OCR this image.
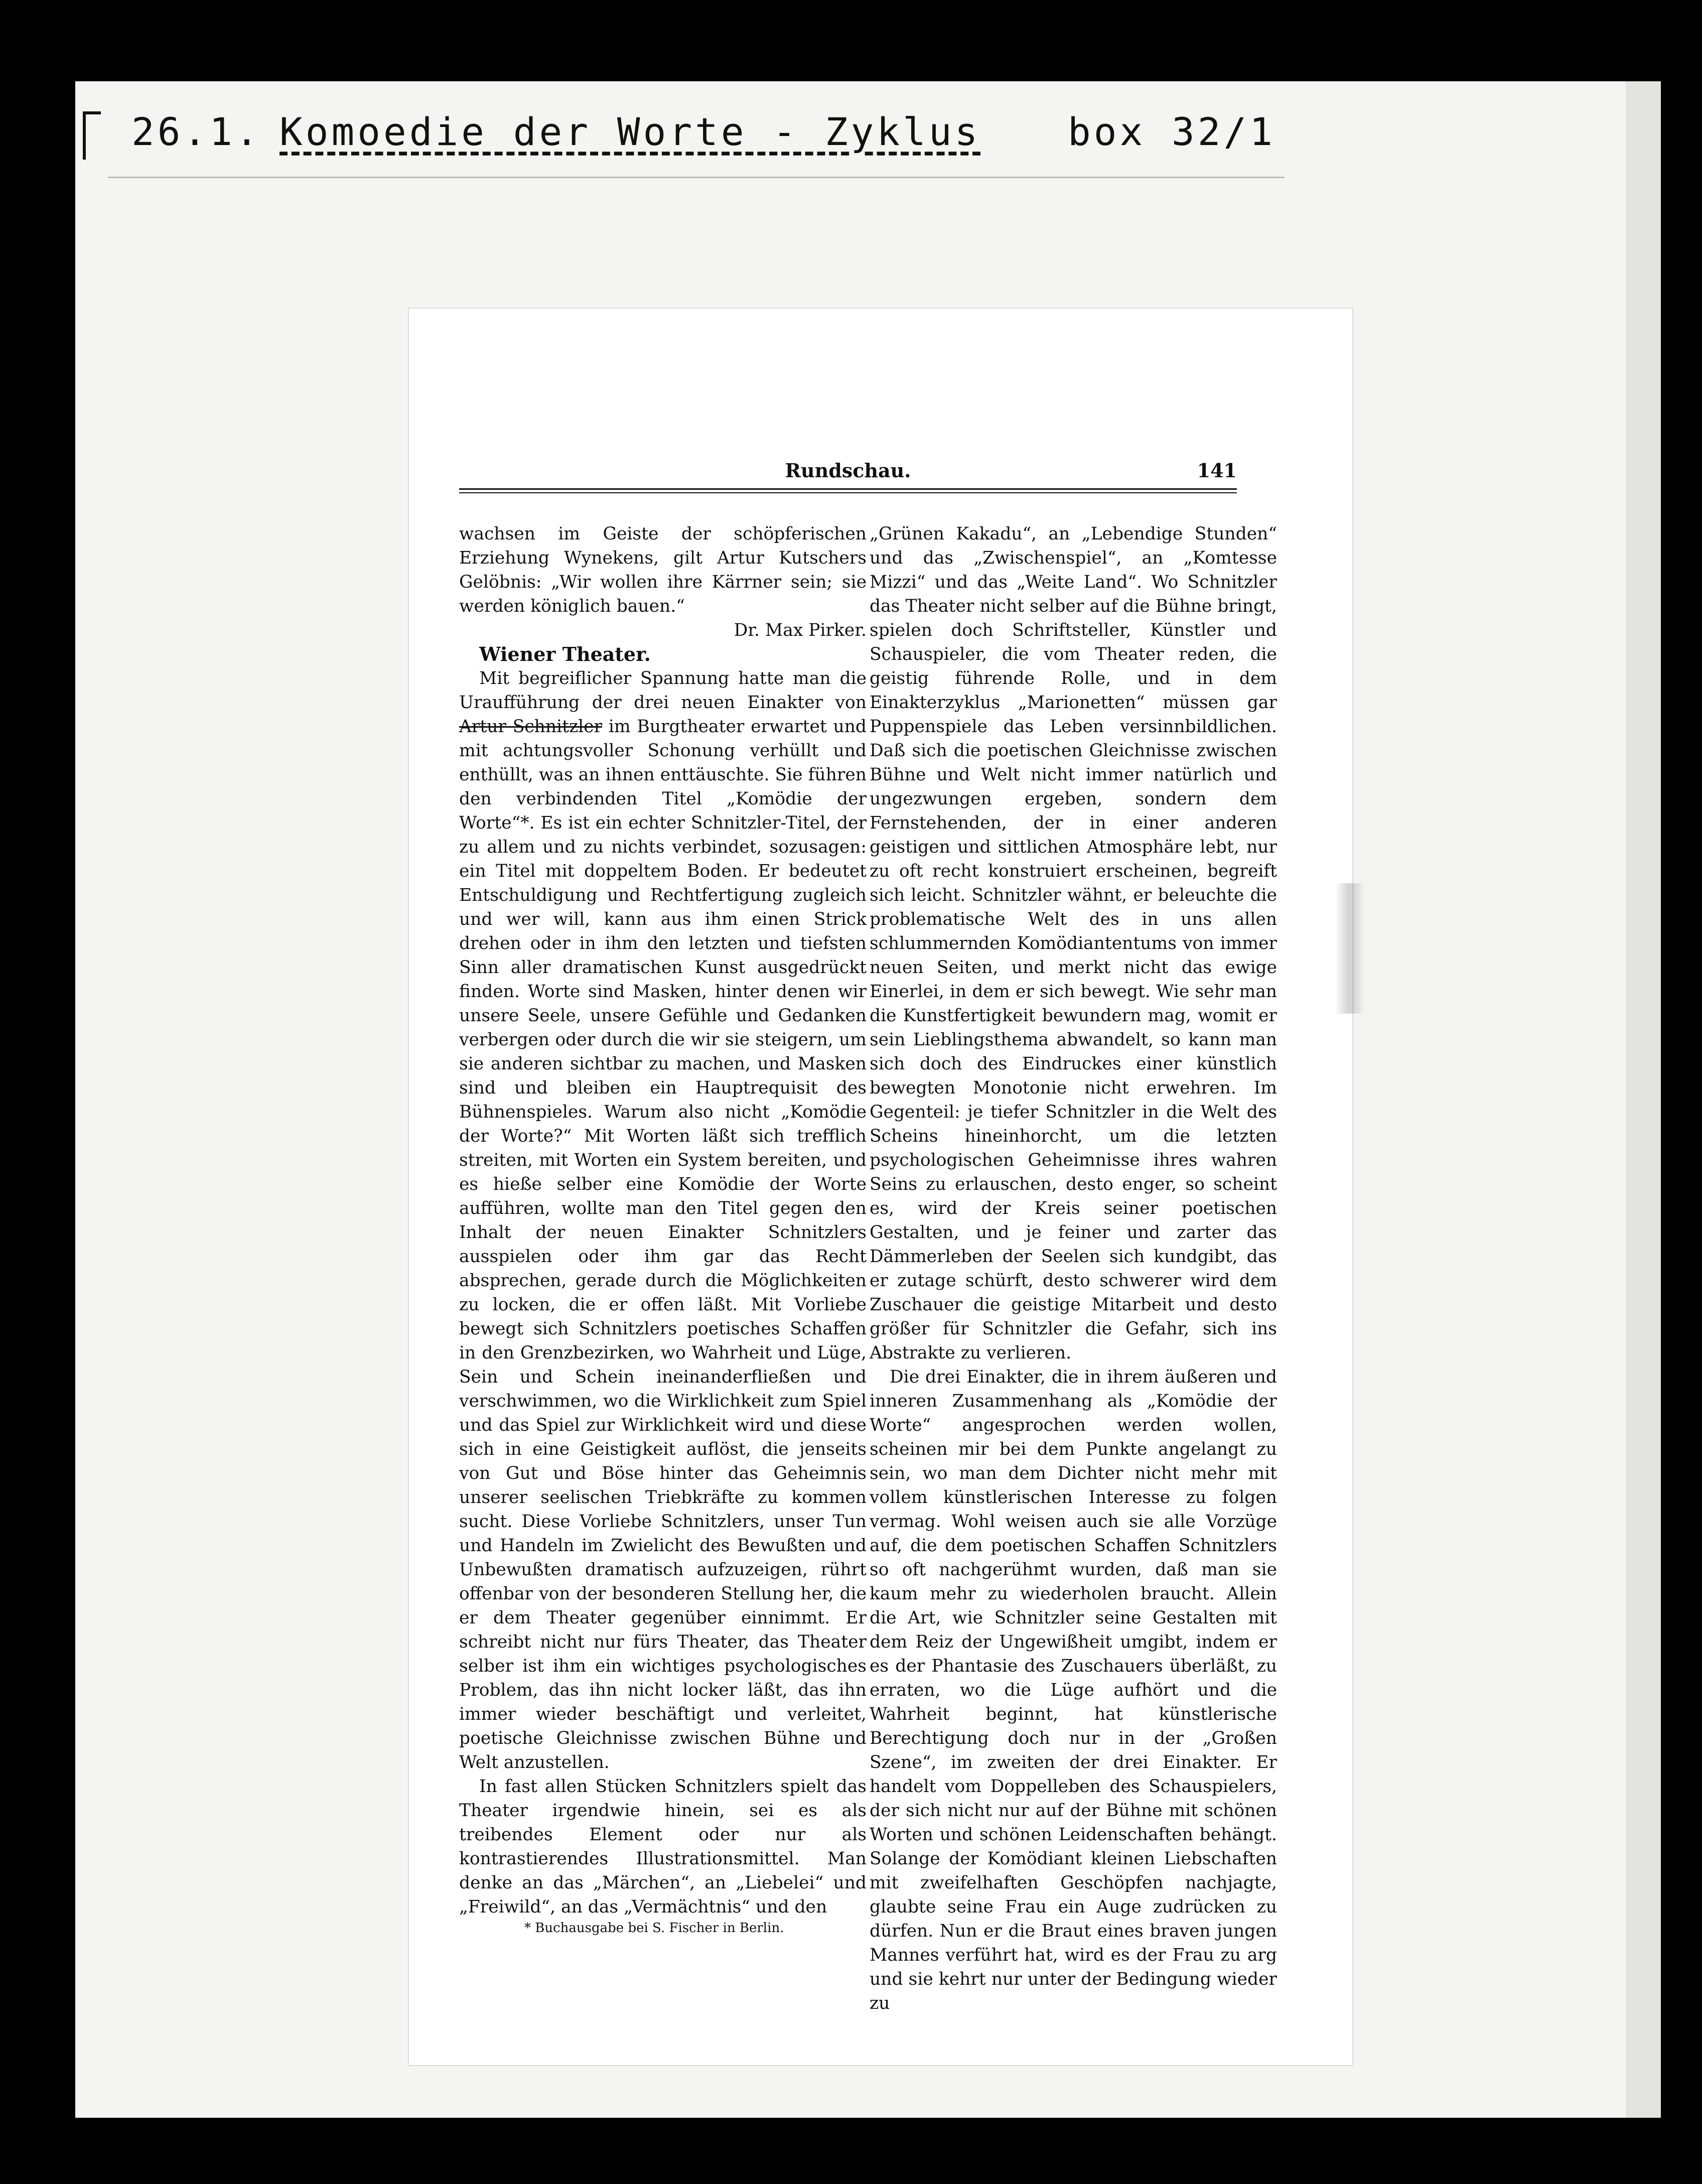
26.1. Komoedie der Worte - Zyklus box 32/1
Rundschau.	141

wachsen im Geiste der schöpferischen Erziehung Wynekens, gilt Artur Kutschers Gelöbnis: „Wir wollen ihre Kärrner sein; sie werden königlich bauen.“

Dr. Max Pirker.

Wiener Theater.

Mit begreiflicher Spannung hatte man die Uraufführung der drei neuen Einakter von Artur Schnitzler im Burgtheater erwartet und mit achtungsvoller Schonung verhüllt und enthüllt, was an ihnen enttäuschte. Sie führen den verbindenden Titel „Komödie der Worte“*. Es ist ein echter Schnitzler-Titel, der zu allem und zu nichts verbindet, sozusagen: ein Titel mit doppeltem Boden. Er bedeutet Entschuldigung und Rechtfertigung zugleich und wer will, kann aus ihm einen Strick drehen oder in ihm den letzten und tiefsten Sinn aller dramatischen Kunst ausgedrückt finden. Worte sind Masken, hinter denen wir unsere Seele, unsere Gefühle und Gedanken verbergen oder durch die wir sie steigern, um sie anderen sichtbar zu machen, und Masken sind und bleiben ein Hauptrequisit des Bühnenspieles. Warum also nicht „Komödie der Worte?“ Mit Worten läßt sich trefflich streiten, mit Worten ein System bereiten, und es hieße selber eine Komödie der Worte aufführen, wollte man den Titel gegen den Inhalt der neuen Einakter Schnitzlers ausspielen oder ihm gar das Recht absprechen, gerade durch die Möglichkeiten zu locken, die er offen läßt. Mit Vorliebe bewegt sich Schnitzlers poetisches Schaffen in den Grenzbezirken, wo Wahrheit und Lüge, Sein und Schein ineinanderfließen und verschwimmen, wo die Wirklichkeit zum Spiel und das Spiel zur Wirklichkeit wird und diese sich in eine Geistigkeit auflöst, die jenseits von Gut und Böse hinter das Geheimnis unserer seelischen Triebkräfte zu kommen sucht. Diese Vorliebe Schnitzlers, unser Tun und Handeln im Zwielicht des Bewußten und Unbewußten dramatisch aufzuzeigen, rührt offenbar von der besonderen Stellung her, die er dem Theater gegenüber einnimmt. Er schreibt nicht nur fürs Theater, das Theater selber ist ihm ein wichtiges psychologisches Problem, das ihn nicht locker läßt, das ihn immer wieder beschäftigt und verleitet, poetische Gleichnisse zwischen Bühne und Welt anzustellen.

In fast allen Stücken Schnitzlers spielt das Theater irgendwie hinein, sei es als treibendes Element oder nur als kontrastierendes Illustrationsmittel. Man denke an das „Märchen“, an „Liebelei“ und „Freiwild“, an das „Vermächtnis“ und den

* Buchausgabe bei S. Fischer in Berlin.

„Grünen Kakadu“, an „Lebendige Stunden“ und das „Zwischenspiel“, an „Komtesse Mizzi“ und das „Weite Land“. Wo Schnitzler das Theater nicht selber auf die Bühne bringt, spielen doch Schriftsteller, Künstler und Schauspieler, die vom Theater reden, die geistig führende Rolle, und in dem Einakterzyklus „Marionetten“ müssen gar Puppenspiele das Leben versinnbildlichen. Daß sich die poetischen Gleichnisse zwischen Bühne und Welt nicht immer natürlich und ungezwungen ergeben, sondern dem Fernstehenden, der in einer anderen geistigen und sittlichen Atmosphäre lebt, nur zu oft recht konstruiert erscheinen, begreift sich leicht. Schnitzler wähnt, er beleuchte die problematische Welt des in uns allen schlummernden Komödiantentums von immer neuen Seiten, und merkt nicht das ewige Einerlei, in dem er sich bewegt. Wie sehr man die Kunstfertigkeit bewundern mag, womit er sein Lieblingsthema abwandelt, so kann man sich doch des Eindruckes einer künstlich bewegten Monotonie nicht erwehren. Im Gegenteil: je tiefer Schnitzler in die Welt des Scheins hineinhorcht, um die letzten psychologischen Geheimnisse ihres wahren Seins zu erlauschen, desto enger, so scheint es, wird der Kreis seiner poetischen Gestalten, und je feiner und zarter das Dämmerleben der Seelen sich kundgibt, das er zutage schürft, desto schwerer wird dem Zuschauer die geistige Mitarbeit und desto größer für Schnitzler die Gefahr, sich ins Abstrakte zu verlieren.

Die drei Einakter, die in ihrem äußeren und inneren Zusammenhang als „Komödie der Worte“ angesprochen werden wollen, scheinen mir bei dem Punkte angelangt zu sein, wo man dem Dichter nicht mehr mit vollem künstlerischen Interesse zu folgen vermag. Wohl weisen auch sie alle Vorzüge auf, die dem poetischen Schaffen Schnitzlers so oft nachgerühmt wurden, daß man sie kaum mehr zu wiederholen braucht. Allein die Art, wie Schnitzler seine Gestalten mit dem Reiz der Ungewißheit umgibt, indem er es der Phantasie des Zuschauers überläßt, zu erraten, wo die Lüge aufhört und die Wahrheit beginnt, hat künstlerische Berechtigung doch nur in der „Großen Szene“, im zweiten der drei Einakter. Er handelt vom Doppelleben des Schauspielers, der sich nicht nur auf der Bühne mit schönen Worten und schönen Leidenschaften behängt. Solange der Komödiant kleinen Liebschaften mit zweifelhaften Geschöpfen nachjagte, glaubte seine Frau ein Auge zudrücken zu dürfen. Nun er die Braut eines braven jungen Mannes verführt hat, wird es der Frau zu arg und sie kehrt nur unter der Bedingung wieder zu
